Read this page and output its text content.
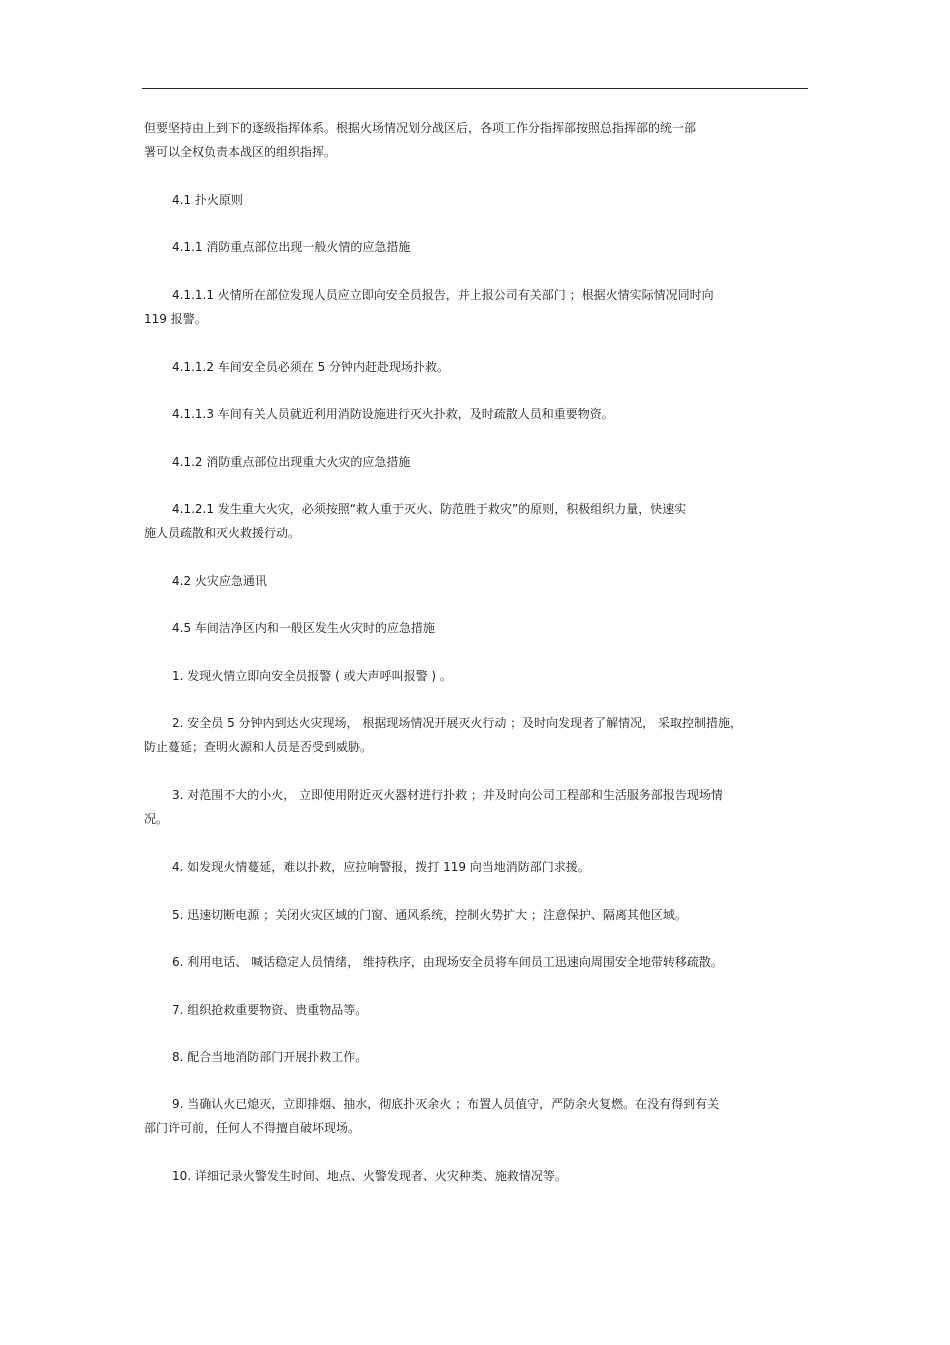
但要坚持由上到下的逐级指挥体系。根据火场情况划分战区后，各项工作分指挥部按照总指挥部的统一部
署可以全权负责本战区的组织指挥。

4.1 扑火原则

4.1.1 消防重点部位出现一般火情的应急措施

4.1.1.1 火情所在部位发现人员应立即向安全员报告，并上报公司有关部门 ；根据火情实际情况同时向
119 报警。

4.1.1.2 车间安全员必须在 5 分钟内赶赴现场扑救。

4.1.1.3 车间有关人员就近利用消防设施进行灭火扑救，及时疏散人员和重要物资。

4.1.2 消防重点部位出现重大火灾的应急措施

4.1.2.1 发生重大火灾，必须按照“救人重于灭火、防范胜于救灾”的原则，积极组织力量，快速实
施人员疏散和灭火救援行动。

4.2 火灾应急通讯

4.5 车间洁净区内和一般区发生火灾时的应急措施

1. 发现火情立即向安全员报警 ( 或大声呼叫报警 ) 。

2. 安全员 5 分钟内到达火灾现场， 根据现场情况开展灭火行动 ；及时向发现者了解情况， 采取控制措施，
防止蔓延；查明火源和人员是否受到威胁。

3. 对范围不大的小火， 立即使用附近灭火器材进行扑救 ；并及时向公司工程部和生活服务部报告现场情
况。

4. 如发现火情蔓延，难以扑救，应拉响警报，拨打 119 向当地消防部门求援。

5. 迅速切断电源 ；关闭火灾区域的门窗、通风系统，控制火势扩大 ；注意保护、隔离其他区域。

6. 利用电话、 喊话稳定人员情绪， 维持秩序，由现场安全员将车间员工迅速向周围安全地带转移疏散。

7. 组织抢救重要物资、贵重物品等。

8. 配合当地消防部门开展扑救工作。

9. 当确认火已熄灭，立即排烟、抽水，彻底扑灭余火 ；布置人员值守，严防余火复燃。在没有得到有关
部门许可前，任何人不得擅自破坏现场。

10. 详细记录火警发生时间、地点、火警发现者、火灾种类、施救情况等。
